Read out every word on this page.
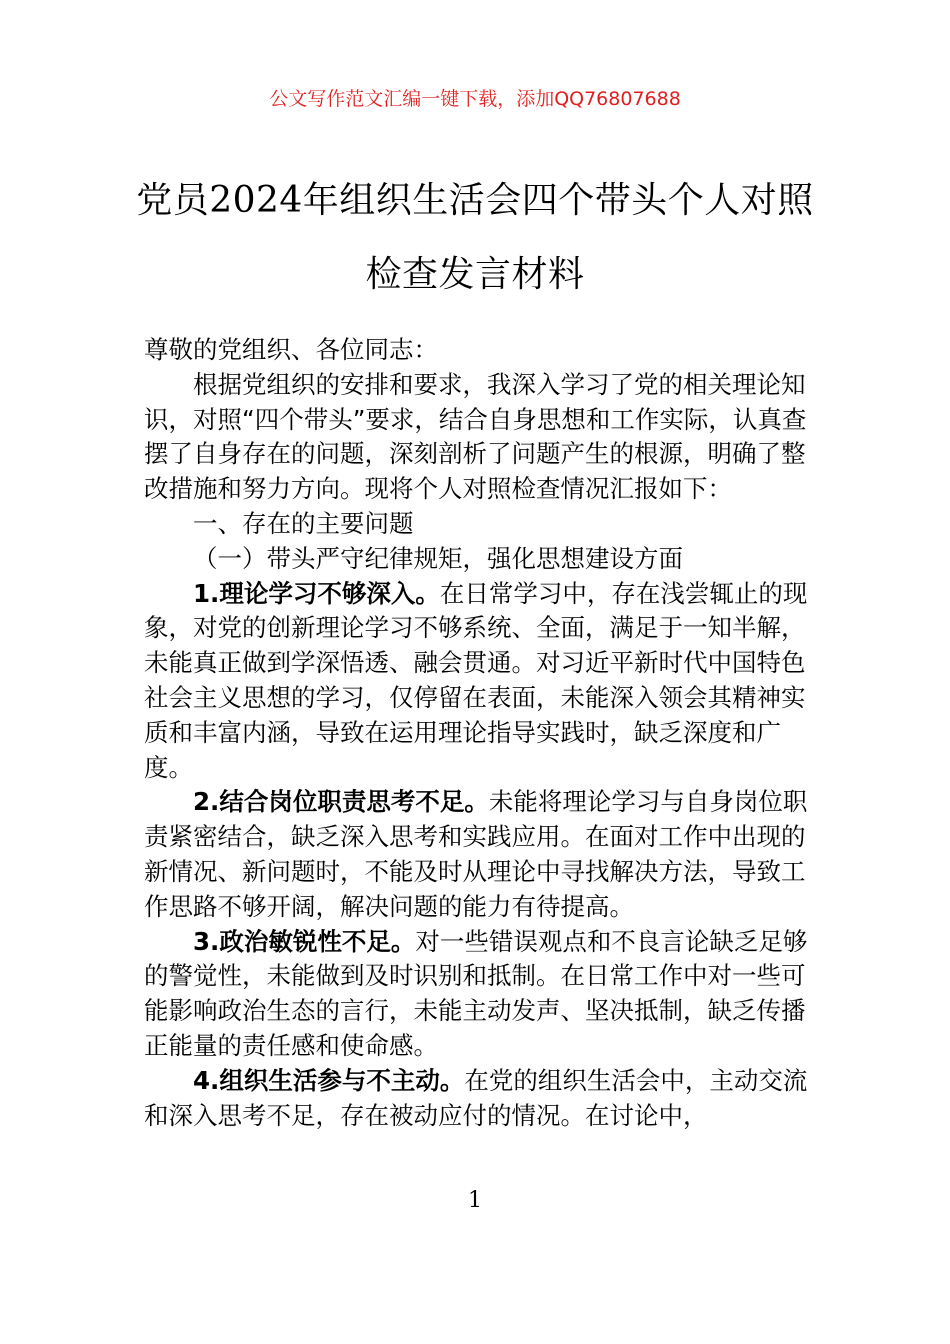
公文写作范文汇编一键下载，添加QQ76807688
党员2024年组织生活会四个带头个人对照
检查发言材料

尊敬的党组织、各位同志：

根据党组织的安排和要求，我深入学习了党的相关理论知识，对照“四个带头”要求，结合自身思想和工作实际，认真查摆了自身存在的问题，深刻剖析了问题产生的根源，明确了整改措施和努力方向。现将个人对照检查情况汇报如下：

一、存在的主要问题

（一）带头严守纪律规矩，强化思想建设方面

1.理论学习不够深入。在日常学习中，存在浅尝辄止的现象，对党的创新理论学习不够系统、全面，满足于一知半解，未能真正做到学深悟透、融会贯通。对习近平新时代中国特色社会主义思想的学习，仅停留在表面，未能深入领会其精神实质和丰富内涵，导致在运用理论指导实践时，缺乏深度和广度。

2.结合岗位职责思考不足。未能将理论学习与自身岗位职责紧密结合，缺乏深入思考和实践应用。在面对工作中出现的新情况、新问题时，不能及时从理论中寻找解决方法，导致工作思路不够开阔，解决问题的能力有待提高。

3.政治敏锐性不足。对一些错误观点和不良言论缺乏足够的警觉性，未能做到及时识别和抵制。在日常工作中对一些可能影响政治生态的言行，未能主动发声、坚决抵制，缺乏传播正能量的责任感和使命感。

4.组织生活参与不主动。在党的组织生活会中，主动交流和深入思考不足，存在被动应付的情况。在讨论中，

1
